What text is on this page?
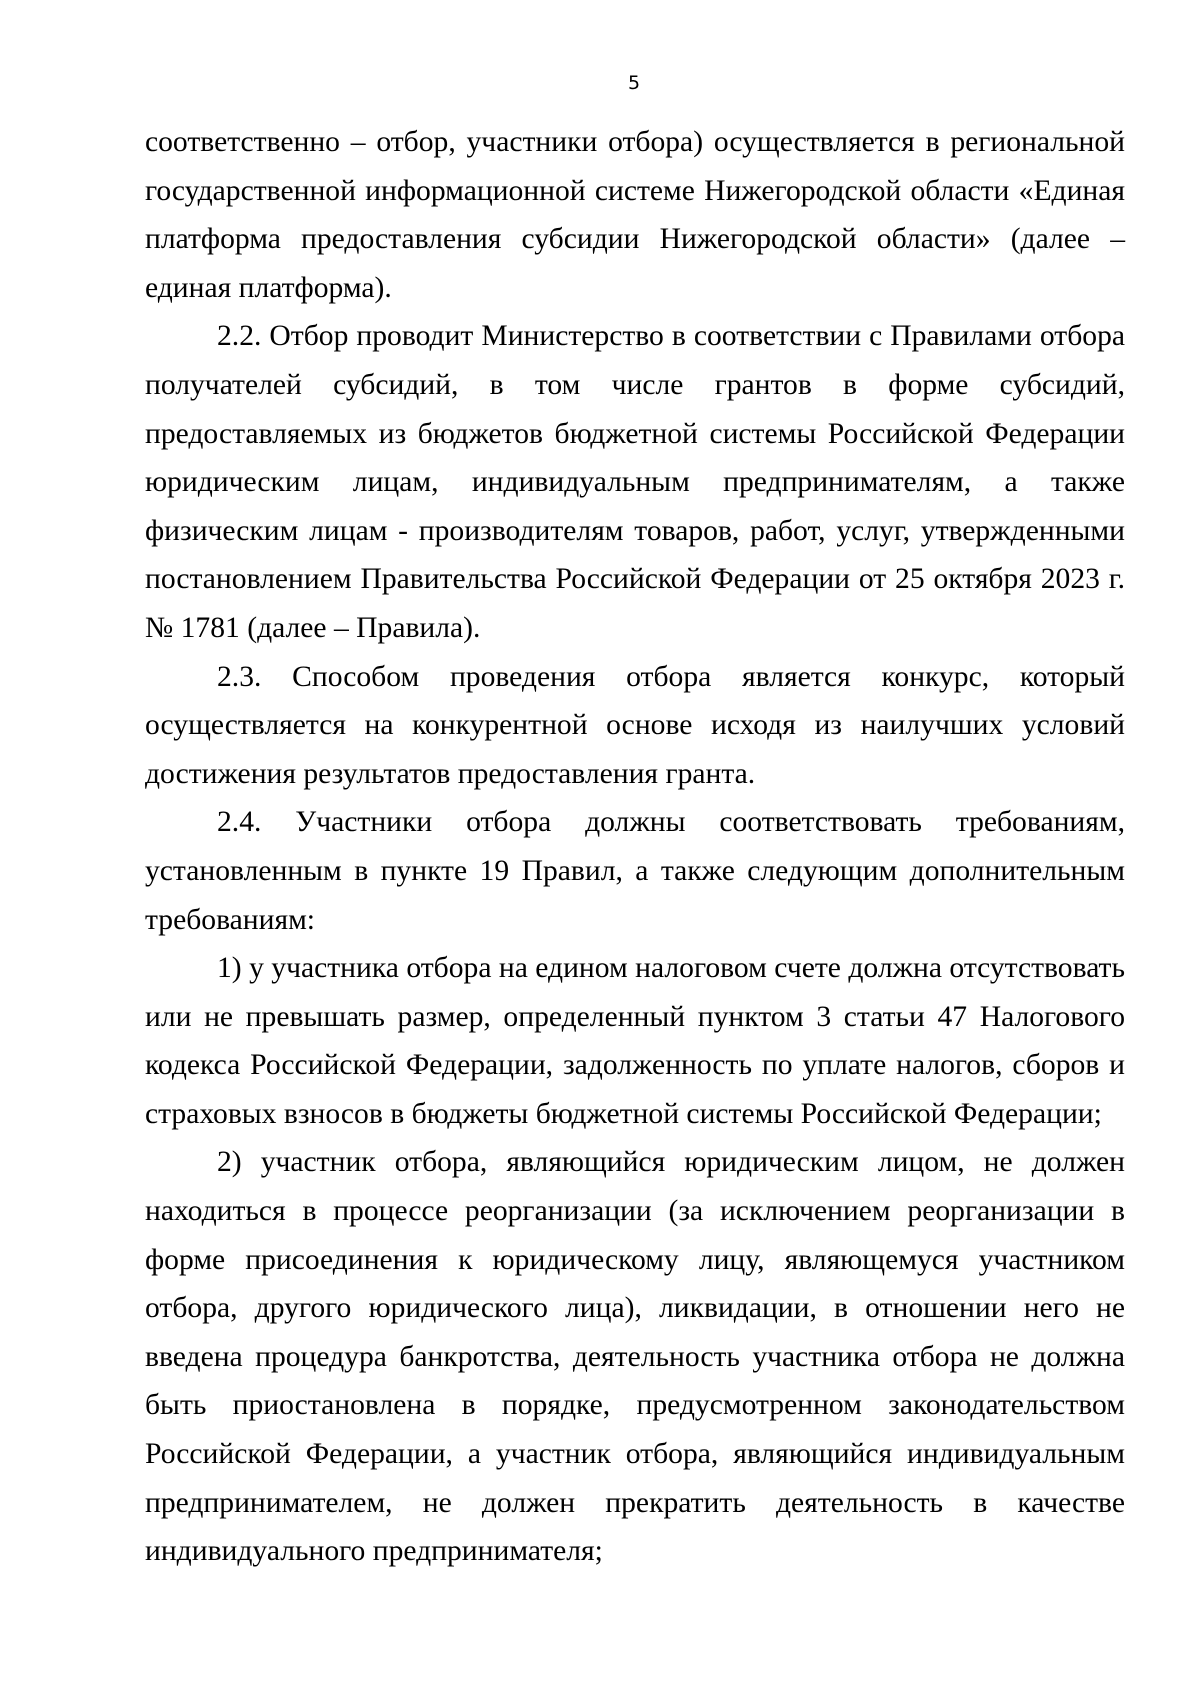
5

соответственно – отбор, участники отбора) осуществляется в региональной государственной информационной системе Нижегородской области «Единая платформа предоставления субсидии Нижегородской области» (далее – единая платформа).

2.2. Отбор проводит Министерство в соответствии с Правилами отбора получателей субсидий, в том числе грантов в форме субсидий, предоставляемых из бюджетов бюджетной системы Российской Федерации юридическим лицам, индивидуальным предпринимателям, а также физическим лицам - производителям товаров, работ, услуг, утвержденными постановлением Правительства Российской Федерации от 25 октября 2023 г. № 1781 (далее – Правила).

2.3. Способом проведения отбора является конкурс, который осуществляется на конкурентной основе исходя из наилучших условий достижения результатов предоставления гранта.

2.4. Участники отбора должны соответствовать требованиям, установленным в пункте 19 Правил, а также следующим дополнительным требованиям:

1) у участника отбора на едином налоговом счете должна отсутствовать или не превышать размер, определенный пунктом 3 статьи 47 Налогового кодекса Российской Федерации, задолженность по уплате налогов, сборов и страховых взносов в бюджеты бюджетной системы Российской Федерации;

2) участник отбора, являющийся юридическим лицом, не должен находиться в процессе реорганизации (за исключением реорганизации в форме присоединения к юридическому лицу, являющемуся участником отбора, другого юридического лица), ликвидации, в отношении него не введена процедура банкротства, деятельность участника отбора не должна быть приостановлена в порядке, предусмотренном законодательством Российской Федерации, а участник отбора, являющийся индивидуальным предпринимателем, не должен прекратить деятельность в качестве индивидуального предпринимателя;
